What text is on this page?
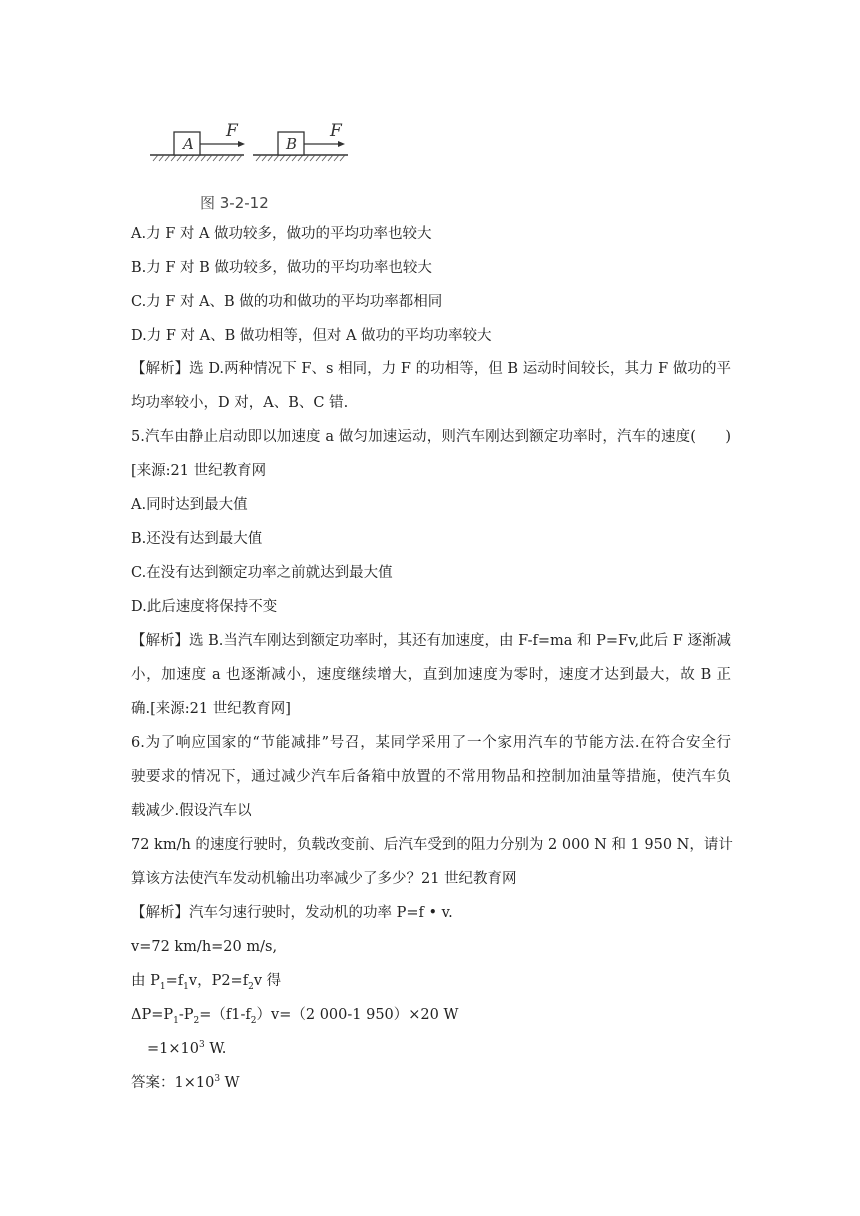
A
F
B
F
图 3-2-12
A.力 F 对 A 做功较多，做功的平均功率也较大
B.力 F 对 B 做功较多，做功的平均功率也较大
C.力 F 对 A、B 做的功和做功的平均功率都相同
D.力 F 对 A、B 做功相等，但对 A 做功的平均功率较大
【解析】选 D.两种情况下 F、s 相同，力 F 的功相等，但 B 运动时间较长，其力 F 做功的平
均功率较小，D 对，A、B、C 错.
5.汽车由静止启动即以加速度 a 做匀加速运动，则汽车刚达到额定功率时，汽车的速度(　　)
[来源:21 世纪教育网
A.同时达到最大值
B.还没有达到最大值
C.在没有达到额定功率之前就达到最大值
D.此后速度将保持不变
【解析】选 B.当汽车刚达到额定功率时，其还有加速度，由 F-f=ma 和 P=Fv,此后 F 逐渐减
小，加速度 a 也逐渐减小，速度继续增大，直到加速度为零时，速度才达到最大，故 B 正
确.[来源:21 世纪教育网]
6.为了响应国家的“节能减排”号召，某同学采用了一个家用汽车的节能方法.在符合安全行
驶要求的情况下，通过减少汽车后备箱中放置的不常用物品和控制加油量等措施，使汽车负
载减少.假设汽车以
72 km/h 的速度行驶时，负载改变前、后汽车受到的阻力分别为 2 000 N 和 1 950 N，请计
算该方法使汽车发动机输出功率减少了多少？21 世纪教育网
【解析】汽车匀速行驶时，发动机的功率 P=f • v.
v=72 km/h=20 m/s,
由 $P_1=f_1v$，$P2=f_2v$ 得
$\Delta P=P_1-P_2=(f1-f_2)v=(2$ 000-1 950）×20 W
$=1\times 10^3$ W.
答案：$1\times 10^3$ W
